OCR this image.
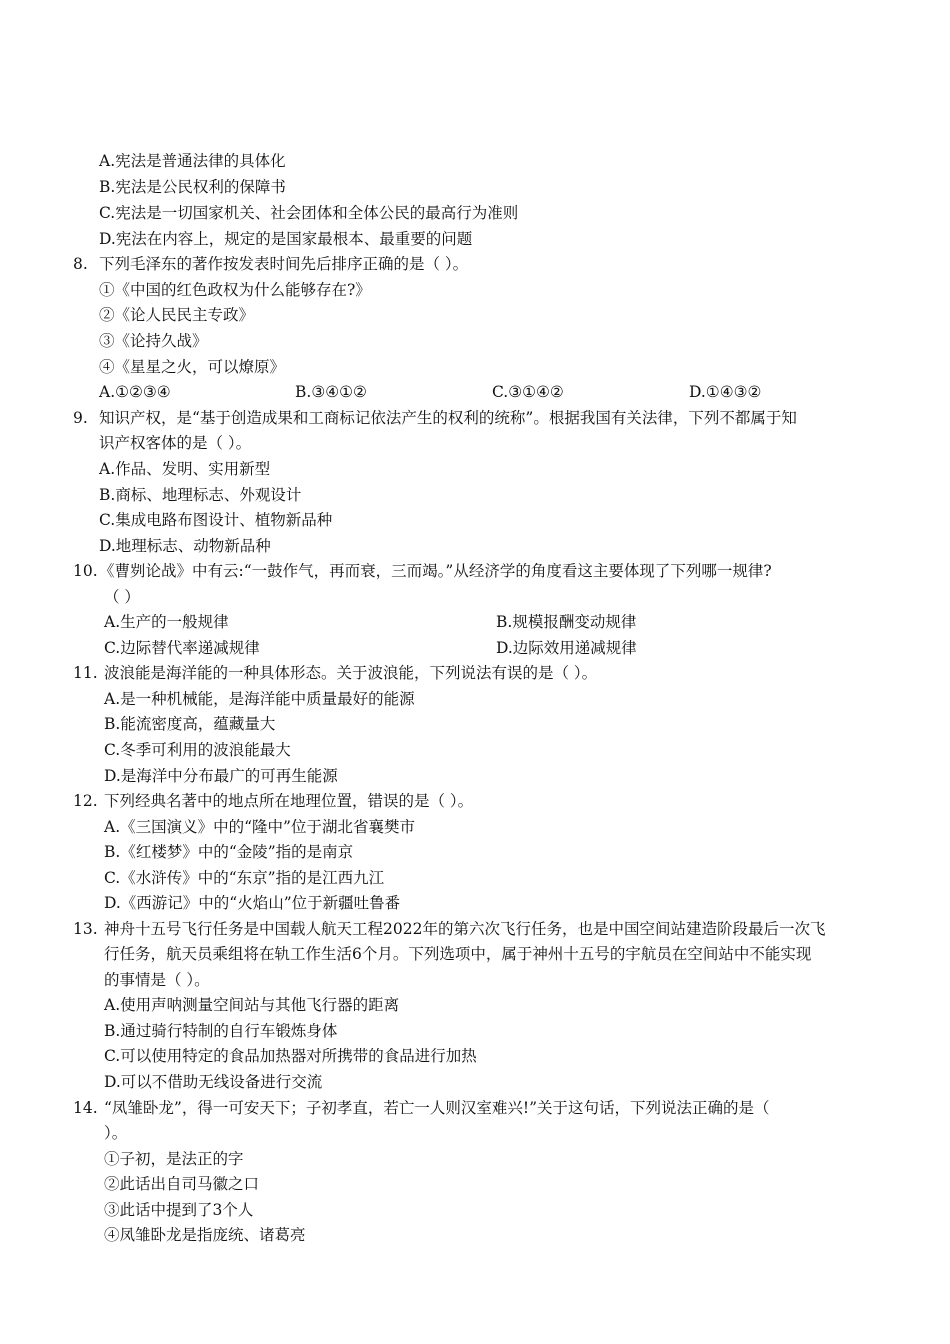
A.宪法是普通法律的具体化
B.宪法是公民权利的保障书
C.宪法是一切国家机关、社会团体和全体公民的最高行为准则
D.宪法在内容上，规定的是国家最根本、最重要的问题
8. 下列毛泽东的著作按发表时间先后排序正确的是（ ）。
①《中国的红色政权为什么能够存在?》
②《论人民民主专政》
③《论持久战》
④《星星之火，可以燎原》
A.①②③④	B.③④①②	C.③①④②	D.①④③②
9. 知识产权，是“基于创造成果和工商标记依法产生的权利的统称”。根据我国有关法律，下列不都属于知
识产权客体的是（ ）。
A.作品、发明、实用新型
B.商标、地理标志、外观设计
C.集成电路布图设计、植物新品种
D.地理标志、动物新品种
10. 《曹刿论战》中有云:“一鼓作气，再而衰，三而竭。”从经济学的角度看这主要体现了下列哪一规律?
（ ）
A.生产的一般规律	B.规模报酬变动规律
C.边际替代率递减规律	D.边际效用递减规律
11. 波浪能是海洋能的一种具体形态。关于波浪能，下列说法有误的是（ ）。
A.是一种机械能，是海洋能中质量最好的能源
B.能流密度高，蕴藏量大
C.冬季可利用的波浪能最大
D.是海洋中分布最广的可再生能源
12. 下列经典名著中的地点所在地理位置，错误的是（ ）。
A.《三国演义》中的“隆中”位于湖北省襄樊市
B.《红楼梦》中的“金陵”指的是南京
C.《水浒传》中的“东京”指的是江西九江
D.《西游记》中的“火焰山”位于新疆吐鲁番
13. 神舟十五号飞行任务是中国载人航天工程2022年的第六次飞行任务，也是中国空间站建造阶段最后一次飞
行任务，航天员乘组将在轨工作生活6个月。下列选项中，属于神州十五号的宇航员在空间站中不能实现
的事情是（ ）。
A.使用声呐测量空间站与其他飞行器的距离
B.通过骑行特制的自行车锻炼身体
C.可以使用特定的食品加热器对所携带的食品进行加热
D.可以不借助无线设备进行交流
14. “凤雏卧龙”，得一可安天下；子初孝直，若亡一人则汉室难兴!”关于这句话，下列说法正确的是（
）。
①子初，是法正的字
②此话出自司马徽之口
③此话中提到了3个人
④凤雏卧龙是指庞统、诸葛亮
